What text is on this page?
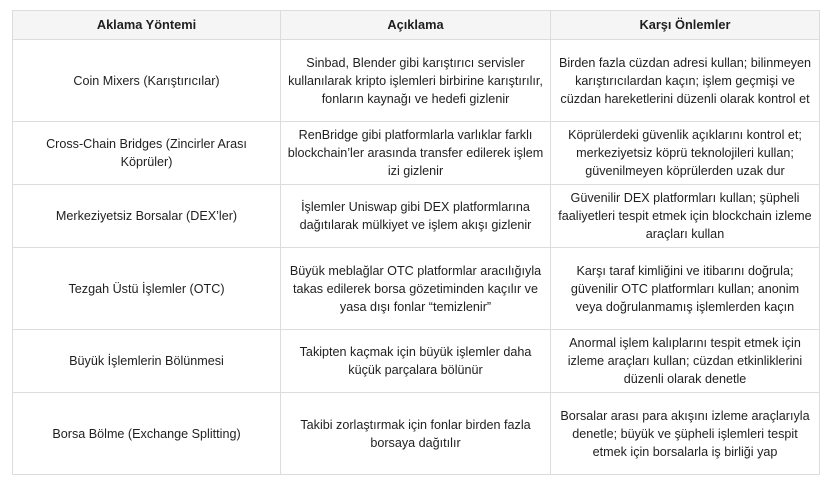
Aklama Yöntemi	Açıklama	Karşı Önlemler
Coin Mixers (Karıştırıcılar)	Sinbad, Blender gibi karıştırıcı servisler kullanılarak kripto işlemleri birbirine karıştırılır, fonların kaynağı ve hedefi gizlenir	Birden fazla cüzdan adresi kullan; bilinmeyen karıştırıcılardan kaçın; işlem geçmişi ve cüzdan hareketlerini düzenli olarak kontrol et
Cross-Chain Bridges (Zincirler Arası Köprüler)	RenBridge gibi platformlarla varlıklar farklı blockchain’ler arasında transfer edilerek işlem izi gizlenir	Köprülerdeki güvenlik açıklarını kontrol et; merkeziyetsiz köprü teknolojileri kullan; güvenilmeyen köprülerden uzak dur
Merkeziyetsiz Borsalar (DEX’ler)	İşlemler Uniswap gibi DEX platformlarına dağıtılarak mülkiyet ve işlem akışı gizlenir	Güvenilir DEX platformları kullan; şüpheli faaliyetleri tespit etmek için blockchain izleme araçları kullan
Tezgah Üstü İşlemler (OTC)	Büyük meblağlar OTC platformlar aracılığıyla takas edilerek borsa gözetiminden kaçılır ve yasa dışı fonlar “temizlenir”	Karşı taraf kimliğini ve itibarını doğrula; güvenilir OTC platformları kullan; anonim veya doğrulanmamış işlemlerden kaçın
Büyük İşlemlerin Bölünmesi	Takipten kaçmak için büyük işlemler daha küçük parçalara bölünür	Anormal işlem kalıplarını tespit etmek için izleme araçları kullan; cüzdan etkinliklerini düzenli olarak denetle
Borsa Bölme (Exchange Splitting)	Takibi zorlaştırmak için fonlar birden fazla borsaya dağıtılır	Borsalar arası para akışını izleme araçlarıyla denetle; büyük ve şüpheli işlemleri tespit etmek için borsalarla iş birliği yap
